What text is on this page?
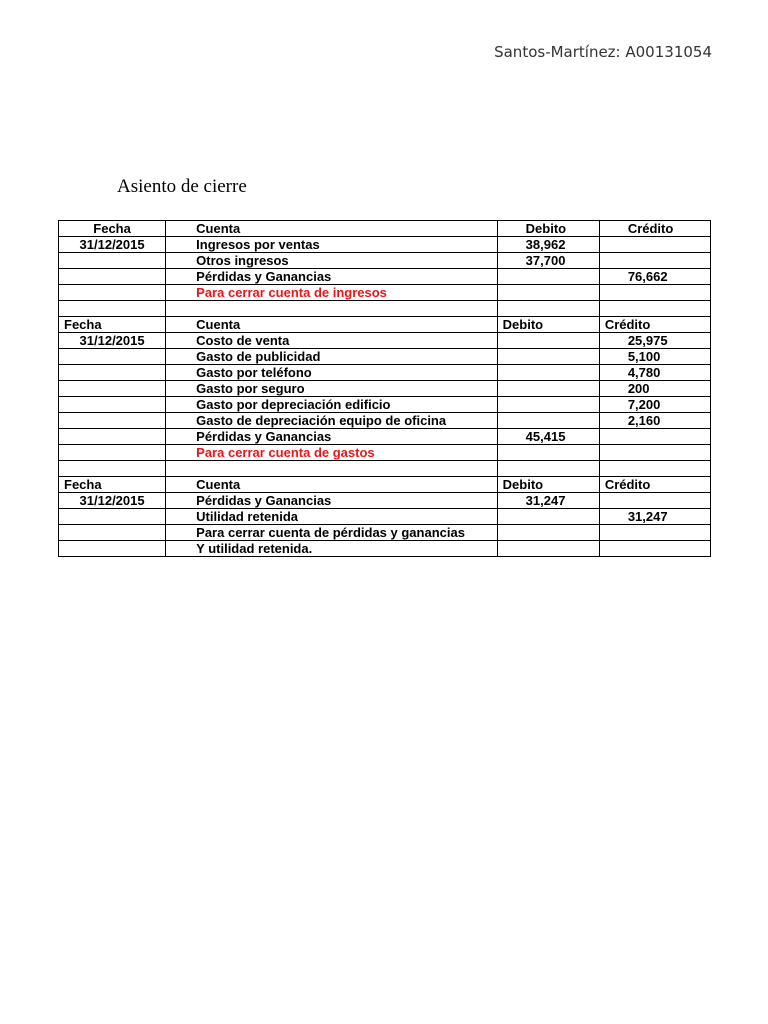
Santos-Martínez: A00131054
Asiento de cierre
Fecha	Cuenta	Debito	Crédito
31/12/2015	Ingresos por ventas	38,962	
	Otros ingresos	37,700	
	Pérdidas y Ganancias		76,662
	Para cerrar cuenta de ingresos		

Fecha	Cuenta	Debito	Crédito
31/12/2015	Costo de venta		25,975
	Gasto de publicidad		5,100
	Gasto por teléfono		4,780
	Gasto por seguro		200
	Gasto por depreciación edificio		7,200
	Gasto de depreciación equipo de oficina		2,160
	Pérdidas y Ganancias	45,415	
	Para cerrar cuenta de gastos		

Fecha	Cuenta	Debito	Crédito
31/12/2015	Pérdidas y Ganancias	31,247	
	Utilidad retenida		31,247
	Para cerrar cuenta de pérdidas y ganancias		
	Y utilidad retenida.		
